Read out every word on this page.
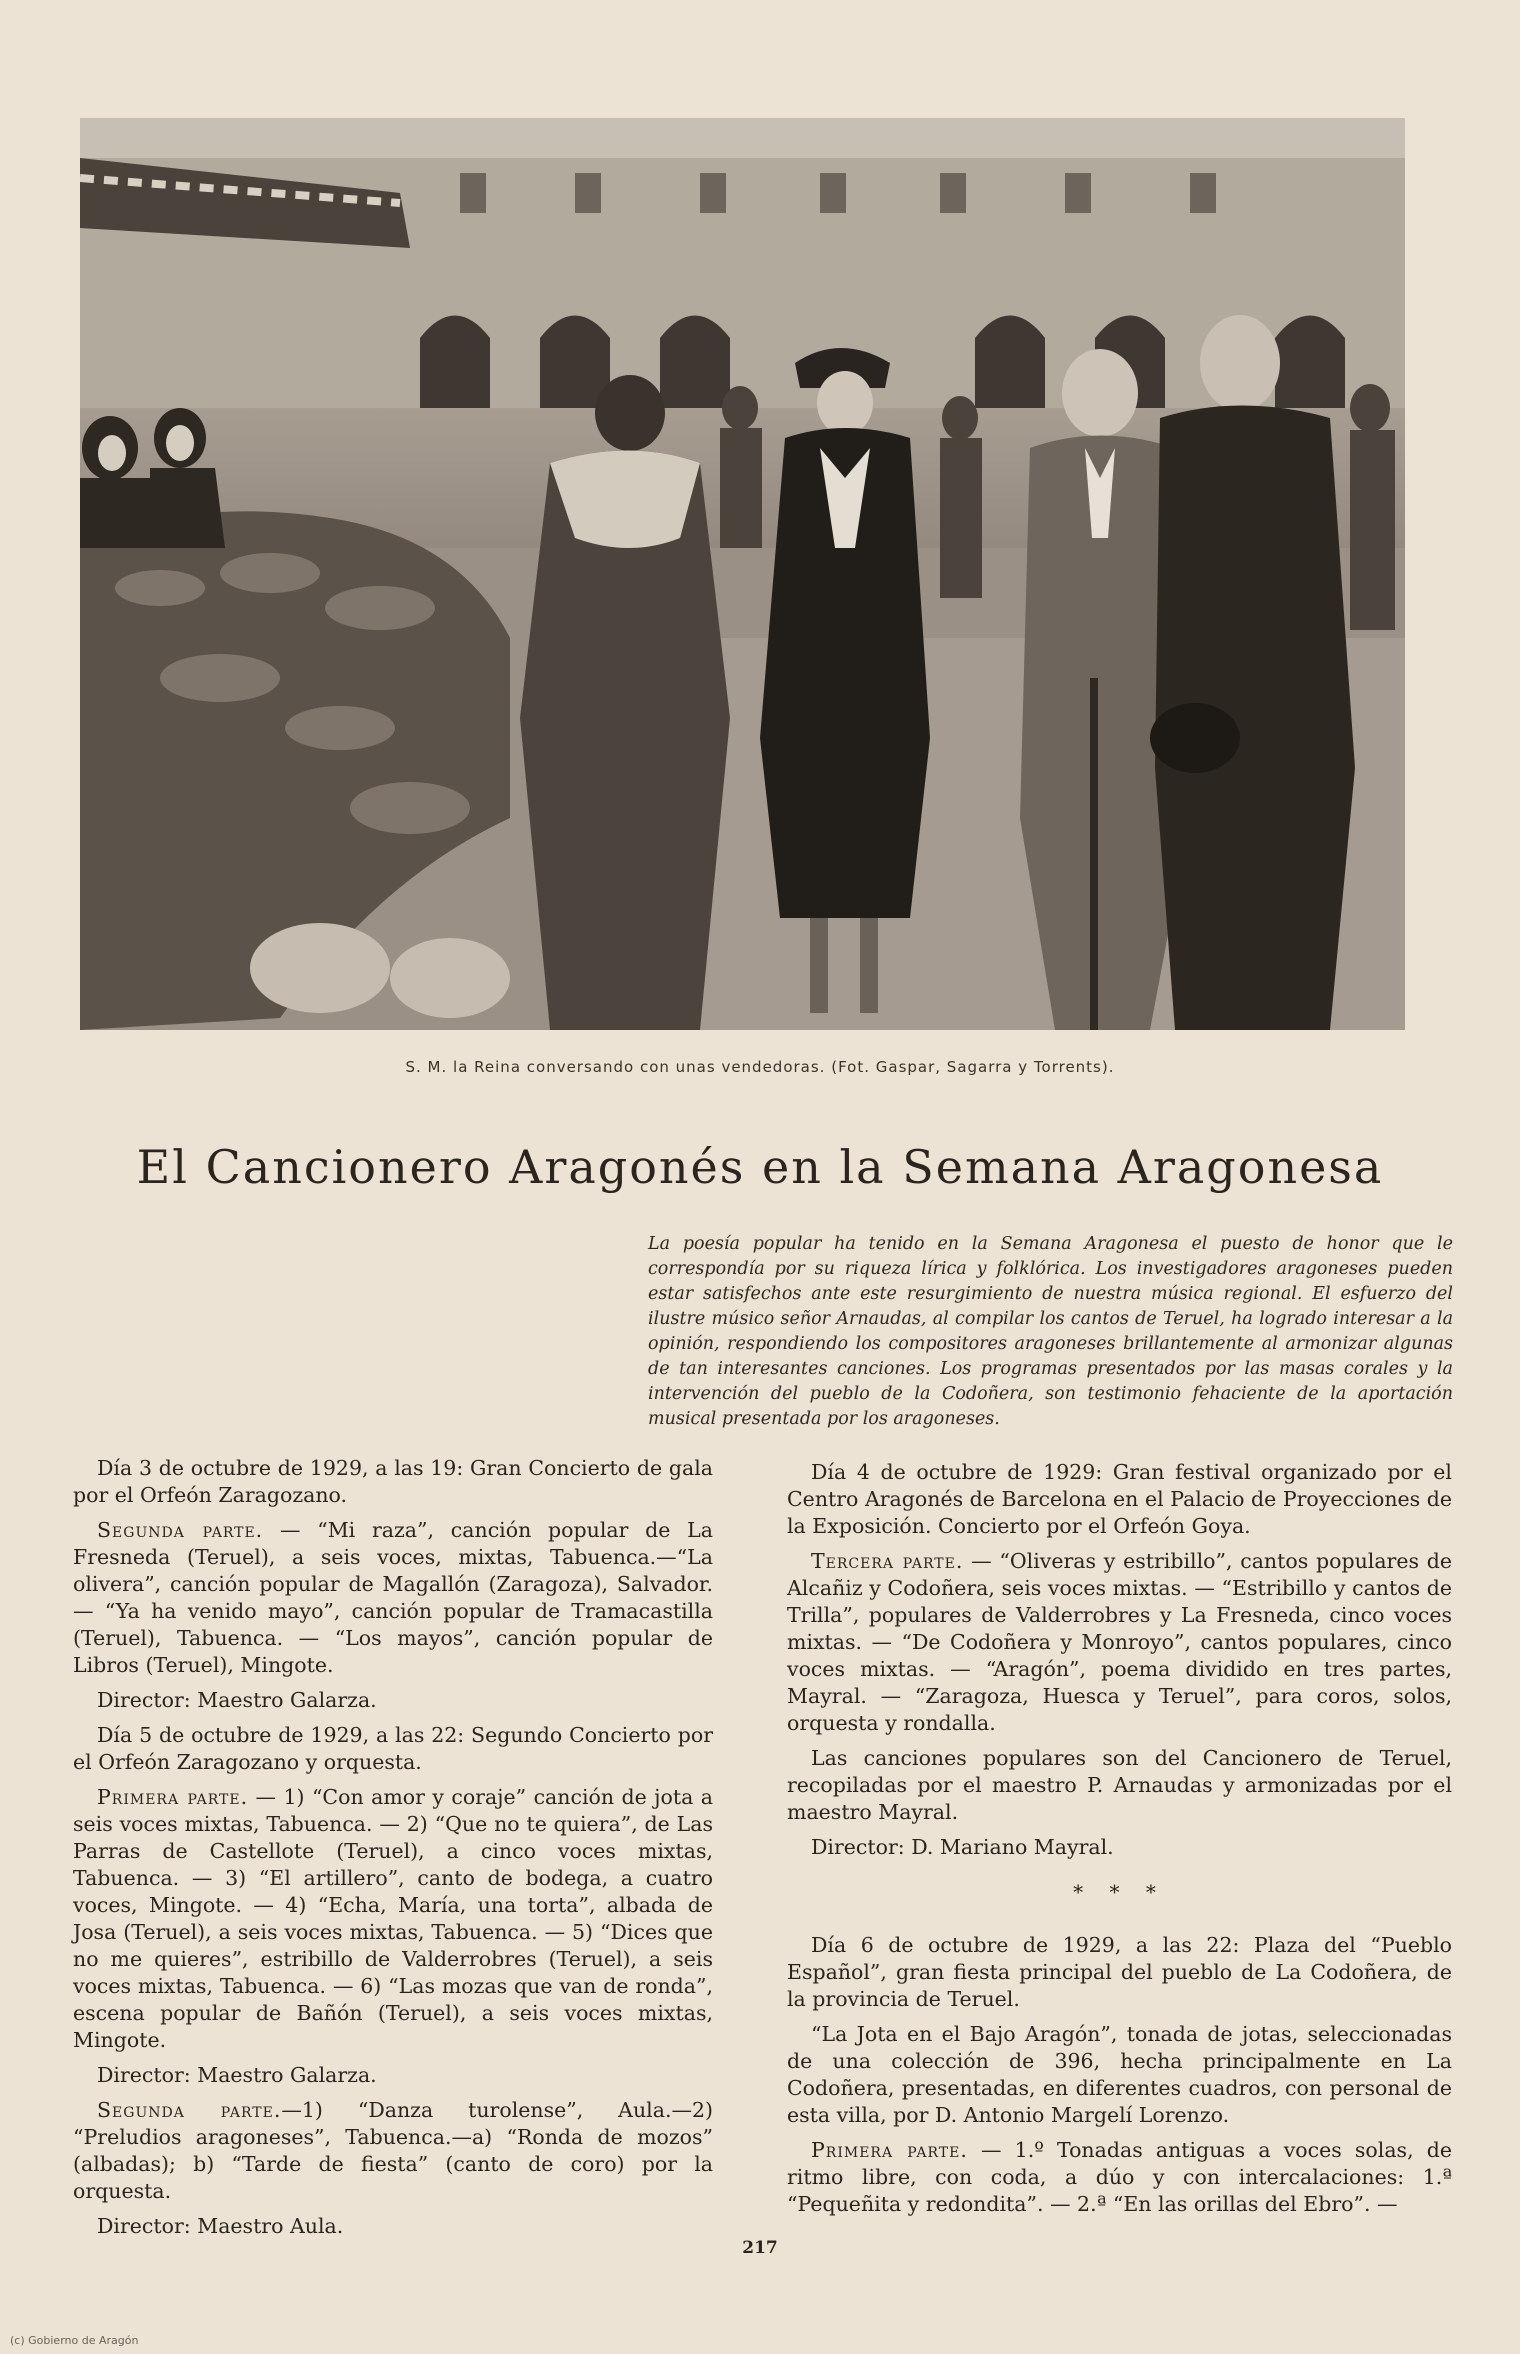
S. M. la Reina conversando con unas vendedoras. (Fot. Gaspar, Sagarra y Torrents).
El Cancionero Aragonés en la Semana Aragonesa
La poesía popular ha tenido en la Semana Aragonesa el puesto de honor que le correspondía por su riqueza lírica y folklórica. Los investigadores aragoneses pueden estar satisfechos ante este resurgimiento de nuestra música regional. El esfuerzo del ilustre músico señor Arnaudas, al compilar los cantos de Teruel, ha logrado interesar a la opinión, respondiendo los compositores aragoneses brillantemente al armonizar algunas de tan interesantes canciones. Los programas presentados por las masas corales y la intervención del pueblo de la Codoñera, son testimonio fehaciente de la aportación musical presentada por los aragoneses.

Día 3 de octubre de 1929, a las 19: Gran Concierto de gala por el Orfeón Zaragozano.

Segunda parte. — “Mi raza”, canción popular de La Fresneda (Teruel), a seis voces, mixtas, Tabuenca.—“La olivera”, canción popular de Magallón (Zaragoza), Salvador. — “Ya ha venido mayo”, canción popular de Tramacastilla (Teruel), Tabuenca. — “Los mayos”, canción popular de Libros (Teruel), Mingote.

Director: Maestro Galarza.

Día 5 de octubre de 1929, a las 22: Segundo Concierto por el Orfeón Zaragozano y orquesta.

Primera parte. — 1) “Con amor y coraje” canción de jota a seis voces mixtas, Tabuenca. — 2) “Que no te quiera”, de Las Parras de Castellote (Teruel), a cinco voces mixtas, Tabuenca. — 3) “El artillero”, canto de bodega, a cuatro voces, Mingote. — 4) “Echa, María, una torta”, albada de Josa (Teruel), a seis voces mixtas, Tabuenca. — 5) “Dices que no me quieres”, estribillo de Valderrobres (Teruel), a seis voces mixtas, Tabuenca. — 6) “Las mozas que van de ronda”, escena popular de Bañón (Teruel), a seis voces mixtas, Mingote.

Director: Maestro Galarza.

Segunda parte.—1) “Danza turolense”, Aula.—2) “Preludios aragoneses”, Tabuenca.—a) “Ronda de mozos” (albadas); b) “Tarde de fiesta” (canto de coro) por la orquesta.

Director: Maestro Aula.

Día 4 de octubre de 1929: Gran festival organizado por el Centro Aragonés de Barcelona en el Palacio de Proyecciones de la Exposición. Concierto por el Orfeón Goya.

Tercera parte. — “Oliveras y estribillo”, cantos populares de Alcañiz y Codoñera, seis voces mixtas. — “Estribillo y cantos de Trilla”, populares de Valderrobres y La Fresneda, cinco voces mixtas. — “De Codoñera y Monroyo”, cantos populares, cinco voces mixtas. — “Aragón”, poema dividido en tres partes, Mayral. — “Zaragoza, Huesca y Teruel”, para coros, solos, orquesta y rondalla.

Las canciones populares son del Cancionero de Teruel, recopiladas por el maestro P. Arnaudas y armonizadas por el maestro Mayral.

Director: D. Mariano Mayral.

* * *

Día 6 de octubre de 1929, a las 22: Plaza del “Pueblo Español”, gran fiesta principal del pueblo de La Codoñera, de la provincia de Teruel.

“La Jota en el Bajo Aragón”, tonada de jotas, seleccionadas de una colección de 396, hecha principalmente en La Codoñera, presentadas, en diferentes cuadros, con personal de esta villa, por D. Antonio Margelí Lorenzo.

Primera parte. — 1.º Tonadas antiguas a voces solas, de ritmo libre, con coda, a dúo y con intercalaciones: 1.ª “Pequeñita y redondita”. — 2.ª “En las orillas del Ebro”. —

217
(c) Gobierno de Aragón
